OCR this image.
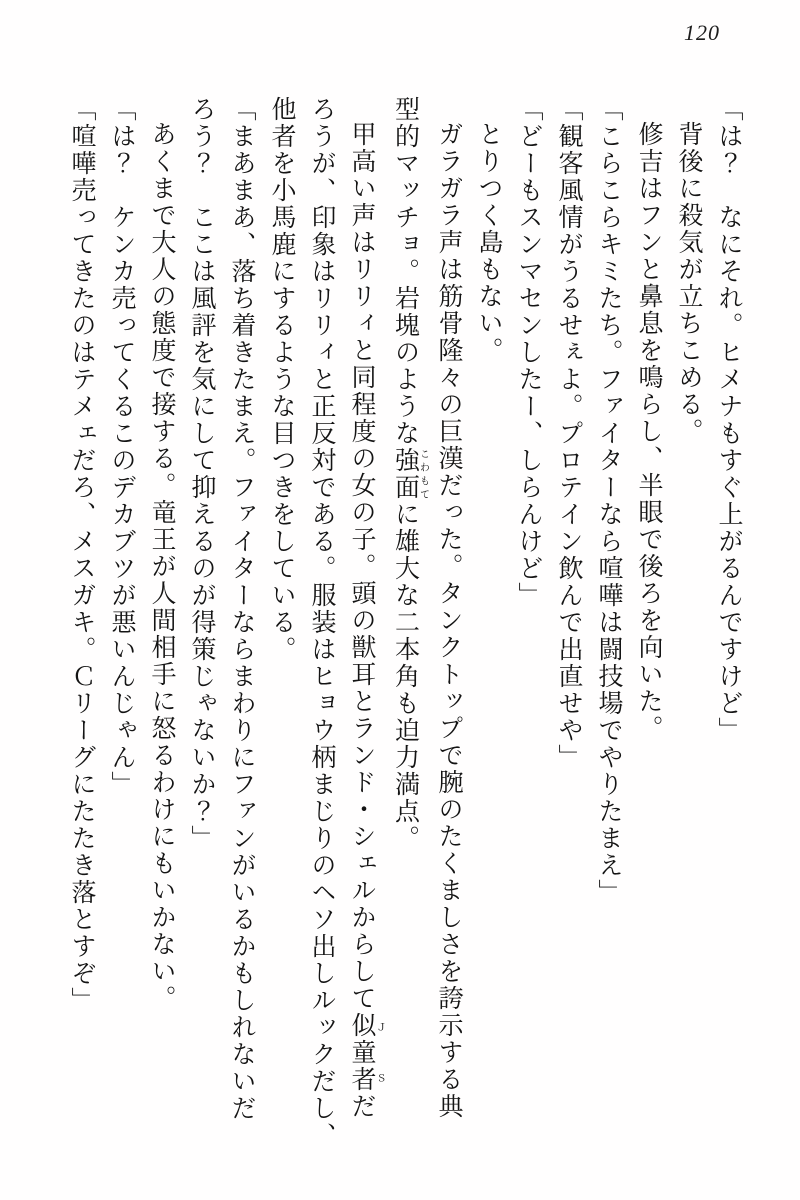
120

「は？　なにそれ。ヒメナもすぐ上がるんですけど」

背後に殺気が立ちこめる。

修吉はフンと鼻息を鳴らし、半眼で後ろを向いた。

「こらこらキミたち。ファイターなら喧嘩は闘技場でやりたまえ」

「観客風情がうるせぇよ。プロテイン飲んで出直せや」

「どーもスンマセンしたー、しらんけど」

とりつく島もない。

ガラガラ声は筋骨隆々の巨漢だった。タンクトップで腕のたくましさを誇示する典

型的マッチョ。岩塊のような強面 こわもてに雄大な二本角も迫力満点。

甲高い声はリリィと同程度の女の子。頭の獣耳とランド・シェルからして似童者 ＪＳだ

ろうが、印象はリリィと正反対である。服装はヒョウ柄まじりのヘソ出しルックだし、

他者を小馬鹿にするような目つきをしている。

「まあまあ、落ち着きたまえ。ファイターならまわりにファンがいるかもしれないだ

ろう？　ここは風評を気にして抑えるのが得策じゃないか？」

あくまで大人の態度で接する。竜王が人間相手に怒るわけにもいかない。

「は？　ケンカ売ってくるこのデカブツが悪いんじゃん」

「喧嘩売ってきたのはテメェだろ、メスガキ。Ｃリーグにたたき落とすぞ」
